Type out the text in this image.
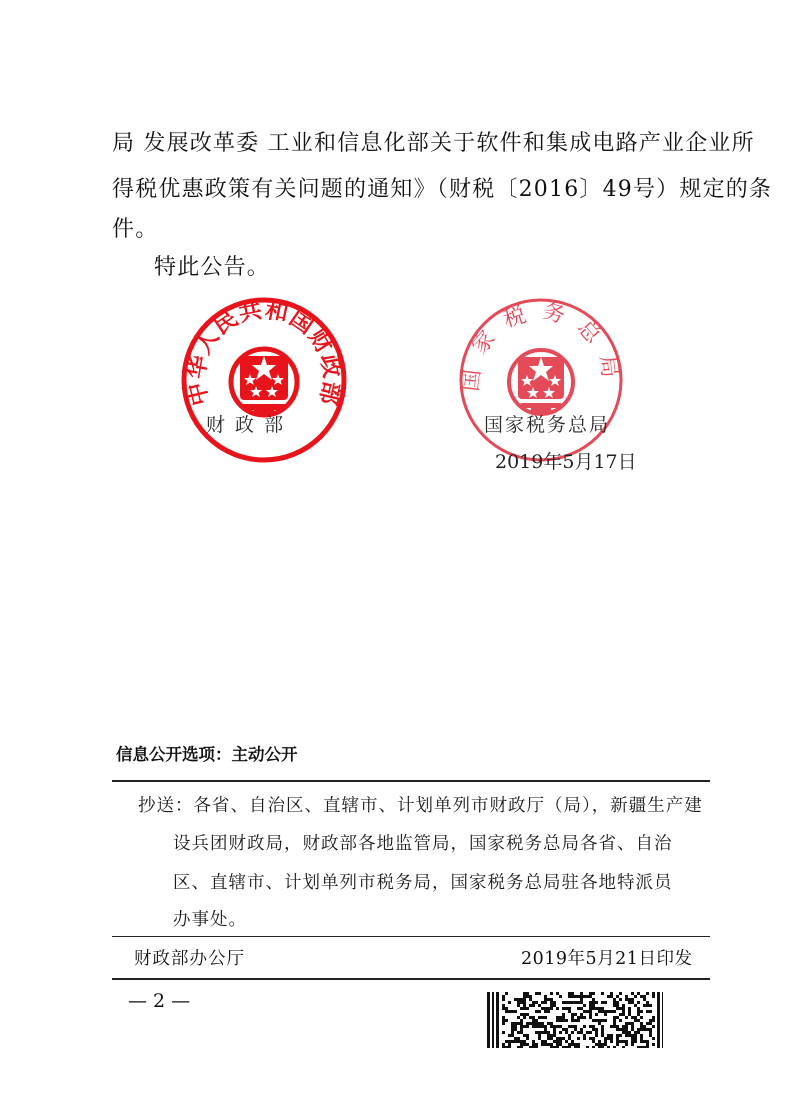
局 发展改革委 工业和信息化部关于软件和集成电路产业企业所
得税优惠政策有关问题的通知》（财税〔2016〕49号）规定的条
件。
特此公告。
中华人民共和国财政部
国家税务总局
财 政 部	国家税务总局
2019年5月17日
信息公开选项：主动公开
抄送：各省、自治区、直辖市、计划单列市财政厅（局），新疆生产建
设兵团财政局，财政部各地监管局，国家税务总局各省、自治
区、直辖市、计划单列市税务局，国家税务总局驻各地特派员
办事处。
财政部办公厅	2019年5月21日印发
— 2 —
